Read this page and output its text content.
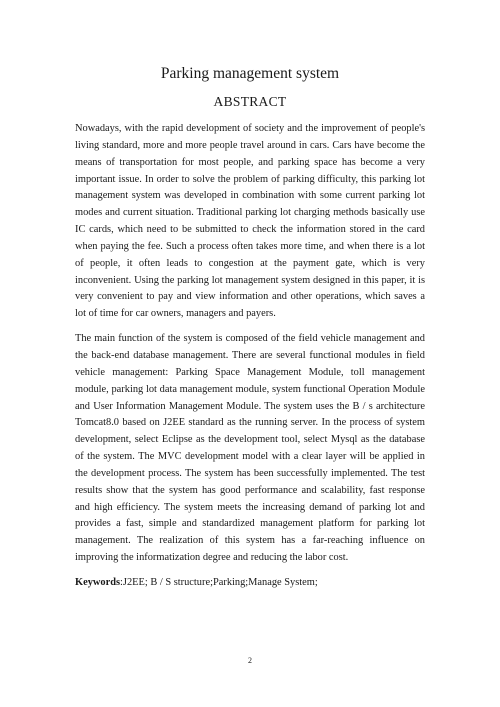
Parking management system
ABSTRACT

Nowadays, with the rapid development of society and the improvement of people's living standard, more and more people travel around in cars. Cars have become the means of transportation for most people, and parking space has become a very important issue. In order to solve the problem of parking difficulty, this parking lot management system was developed in combination with some current parking lot modes and current situation. Traditional parking lot charging methods basically use IC cards, which need to be submitted to check the information stored in the card when paying the fee. Such a process often takes more time, and when there is a lot of people, it often leads to congestion at the payment gate, which is very inconvenient. Using the parking lot management system designed in this paper, it is very convenient to pay and view information and other operations, which saves a lot of time for car owners, managers and payers.

The main function of the system is composed of the field vehicle management and the back-end database management. There are several functional modules in field vehicle management: Parking Space Management Module, toll management module, parking lot data management module, system functional Operation Module and User Information Management Module. The system uses the B / s architecture Tomcat8.0 based on J2EE standard as the running server. In the process of system development, select Eclipse as the development tool, select Mysql as the database of the system. The MVC development model with a clear layer will be applied in the development process. The system has been successfully implemented. The test results show that the system has good performance and scalability, fast response and high efficiency. The system meets the increasing demand of parking lot and provides a fast, simple and standardized management platform for parking lot management. The realization of this system has a far-reaching influence on improving the informatization degree and reducing the labor cost.

Keywords:J2EE; B / S structure;Parking;Manage System;

2
